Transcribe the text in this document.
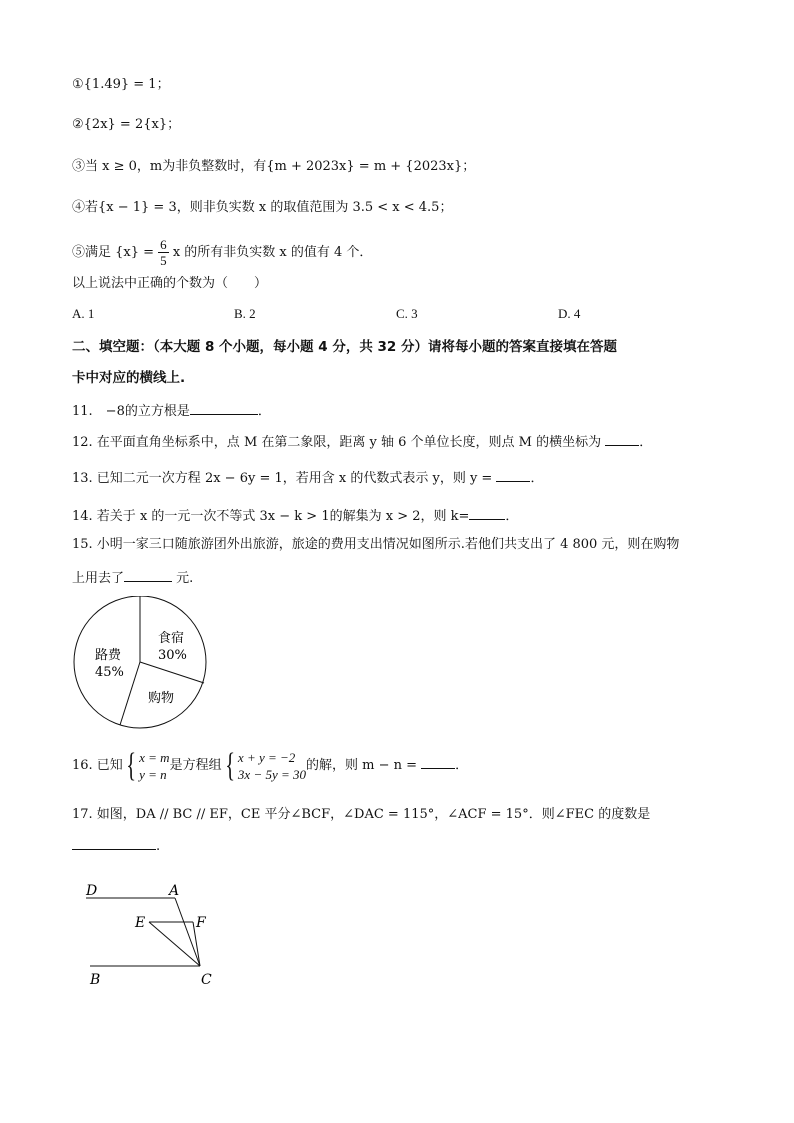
①{1.49} = 1；
②{2x} = 2{x}；
③当 x ≥ 0，m为非负整数时，有{m + 2023x} = m + {2023x}；
④若{x − 1} = 3，则非负实数 x 的取值范围为 3.5 < x < 4.5；
⑤满足 $\{x\} = \frac{6}{5}$ x 的所有非负实数 x 的值有 4 个．
以上说法中正确的个数为（　　）
A. 1	B. 2	C. 3	D. 4
二、填空题：（本大题 8 个小题，每小题 4 分，共 32 分）请将每小题的答案直接填在答题
卡中对应的横线上.
11.　−8的立方根是	．
12. 在平面直角坐标系中，点 M 在第二象限，距离 y 轴 6 个单位长度，则点 M 的横坐标为	．
13. 已知二元一次方程 2x − 6y = 1，若用含 x 的代数式表示 y，则 y =	．
14. 若关于 x 的一元一次不等式 3x − k > 1的解集为 x > 2，则 k=	．
15. 小明一家三口随旅游团外出旅游，旅途的费用支出情况如图所示.若他们共支出了 4 800 元，则在购物
上用去了	元.
食宿
30%
购物
路费
45%
16. 已知{ x = m
y = n
是方程组{ x + y = −2
3x − 5y = 30
的解，则 m − n =	．
17. 如图，DA // BC // EF，CE 平分∠BCF，∠DAC = 115°，∠ACF = 15°．则∠FEC 的度数是
.
D	A
E	F
B	C
